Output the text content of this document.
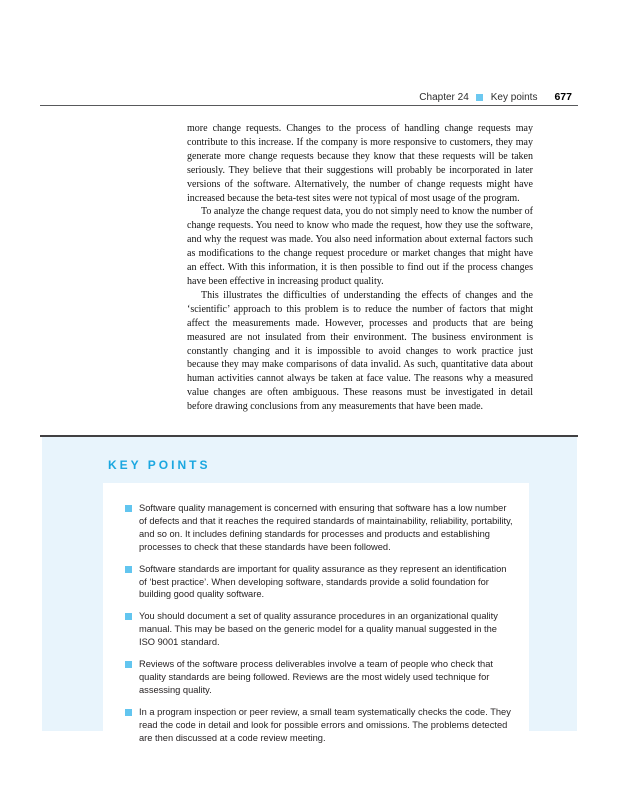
Chapter 24 Key points 677

more change requests. Changes to the process of handling change requests may contribute to this increase. If the company is more responsive to customers, they may generate more change requests because they know that these requests will be taken seriously. They believe that their suggestions will probably be incorporated in later versions of the software. Alternatively, the number of change requests might have increased because the beta-test sites were not typical of most usage of the program.

To analyze the change request data, you do not simply need to know the number of change requests. You need to know who made the request, how they use the software, and why the request was made. You also need information about external factors such as modifications to the change request procedure or market changes that might have an effect. With this information, it is then possible to find out if the process changes have been effective in increasing product quality.

This illustrates the difficulties of understanding the effects of changes and the ‘scientific’ approach to this problem is to reduce the number of factors that might affect the measurements made. However, processes and products that are being measured are not insulated from their environment. The business environment is constantly changing and it is impossible to avoid changes to work practice just because they may make comparisons of data invalid. As such, quantitative data about human activities cannot always be taken at face value. The reasons why a measured value changes are often ambiguous. These reasons must be investigated in detail before drawing conclusions from any measurements that have been made.

KEY POINTS
Software quality management is concerned with ensuring that software has a low number of defects and that it reaches the required standards of maintainability, reliability, portability, and so on. It includes defining standards for processes and products and establishing processes to check that these standards have been followed.
Software standards are important for quality assurance as they represent an identification of ‘best practice’. When developing software, standards provide a solid foundation for building good quality software.
You should document a set of quality assurance procedures in an organizational quality manual. This may be based on the generic model for a quality manual suggested in the ISO 9001 standard.
Reviews of the software process deliverables involve a team of people who check that quality standards are being followed. Reviews are the most widely used technique for assessing quality.
In a program inspection or peer review, a small team systematically checks the code. They read the code in detail and look for possible errors and omissions. The problems detected are then discussed at a code review meeting.
